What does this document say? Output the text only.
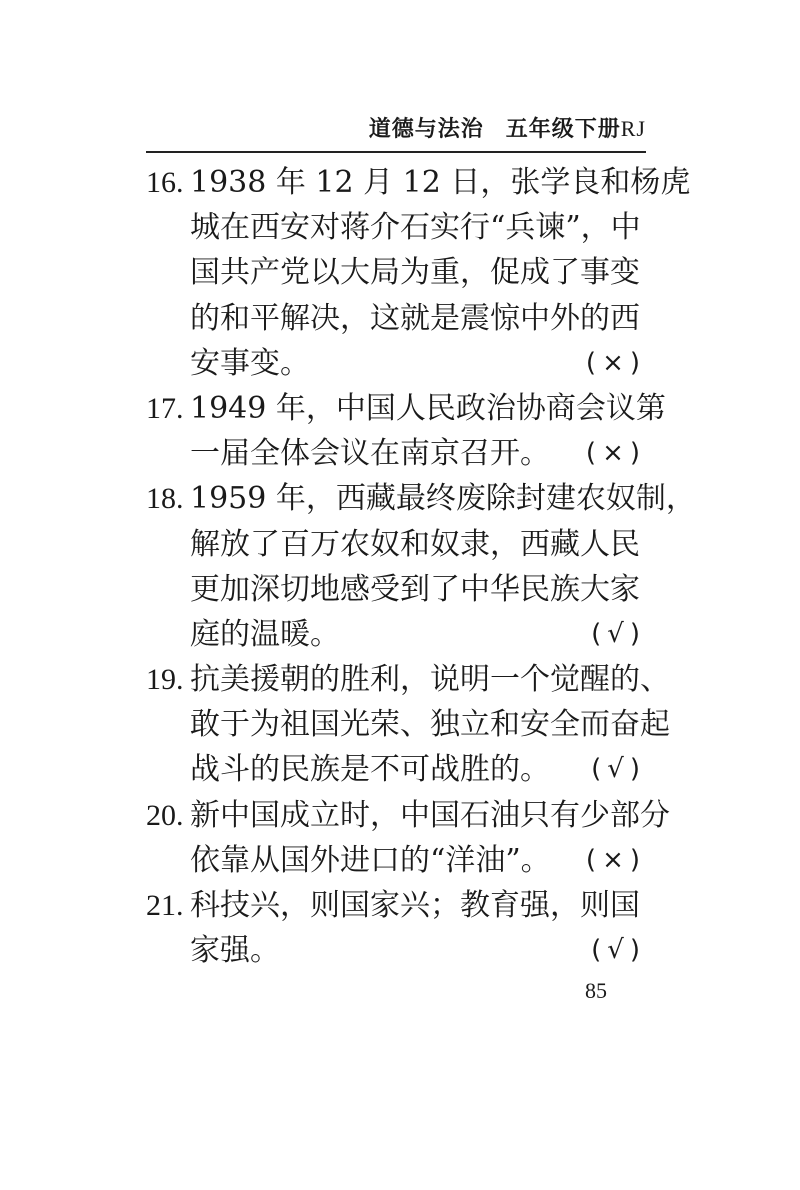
道德与法治 五年级下册RJ
16. 1938 年 12 月 12 日，张学良和杨虎
城在西安对蒋介石实行“兵谏”，中
国共产党以大局为重，促成了事变
的和平解决，这就是震惊中外的西
安事变。	(×)
17. 1949 年，中国人民政治协商会议第
一届全体会议在南京召开。	(×)
18. 1959 年，西藏最终废除封建农奴制，
解放了百万农奴和奴隶，西藏人民
更加深切地感受到了中华民族大家
庭的温暖。	(√)
19. 抗美援朝的胜利，说明一个觉醒的、
敢于为祖国光荣、独立和安全而奋起
战斗的民族是不可战胜的。	(√)
20. 新中国成立时，中国石油只有少部分
依靠从国外进口的“洋油”。	(×)
21. 科技兴，则国家兴；教育强，则国
家强。	(√)
85
